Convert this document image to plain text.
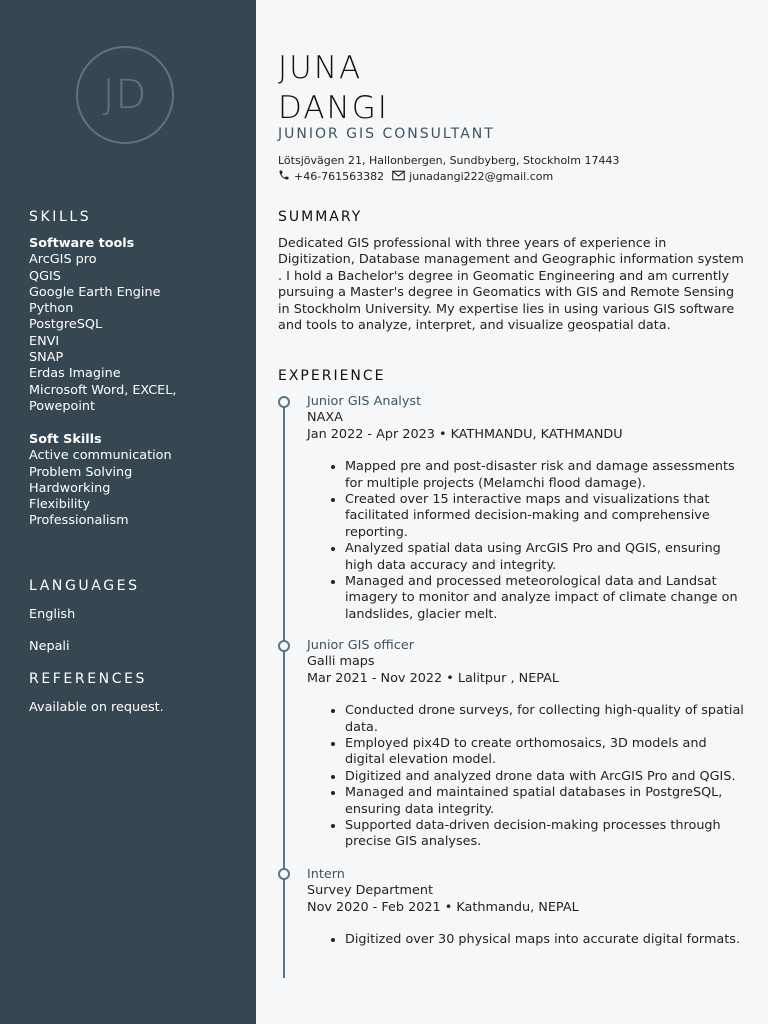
JD
SKILLS
Software tools
ArcGIS pro
QGIS
Google Earth Engine
Python
PostgreSQL
ENVI
SNAP
Erdas Imagine
Microsoft Word, EXCEL,
Powepoint
Soft Skills
Active communication
Problem Solving
Hardworking
Flexibility
Professionalism
LANGUAGES
English
Nepali
REFERENCES
Available on request.
JUNA
DANGI
JUNIOR GIS CONSULTANT
Lötsjövägen 21, Hallonbergen, Sundbyberg, Stockholm 17443
+46-761563382 junadangi222@gmail.com
SUMMARY
Dedicated GIS professional with three years of experience in Digitization, Database management and Geographic information system . I hold a Bachelor's degree in Geomatic Engineering and am currently pursuing a Master's degree in Geomatics with GIS and Remote Sensing in Stockholm University. My expertise lies in using various GIS software and tools to analyze, interpret, and visualize geospatial data.
EXPERIENCE
Junior GIS Analyst
NAXA
Jan 2022 - Apr 2023 • KATHMANDU, KATHMANDU
• Mapped pre and post-disaster risk and damage assessments for multiple projects (Melamchi flood damage).
• Created over 15 interactive maps and visualizations that facilitated informed decision-making and comprehensive reporting.
• Analyzed spatial data using ArcGIS Pro and QGIS, ensuring high data accuracy and integrity.
• Managed and processed meteorological data and Landsat imagery to monitor and analyze impact of climate change on landslides, glacier melt.
Junior GIS officer
Galli maps
Mar 2021 - Nov 2022 • Lalitpur , NEPAL
• Conducted drone surveys, for collecting high-quality of spatial data.
• Employed pix4D to create orthomosaics, 3D models and digital elevation model.
• Digitized and analyzed drone data with ArcGIS Pro and QGIS.
• Managed and maintained spatial databases in PostgreSQL, ensuring data integrity.
• Supported data-driven decision-making processes through precise GIS analyses.
Intern
Survey Department
Nov 2020 - Feb 2021 • Kathmandu, NEPAL
• Digitized over 30 physical maps into accurate digital formats.
